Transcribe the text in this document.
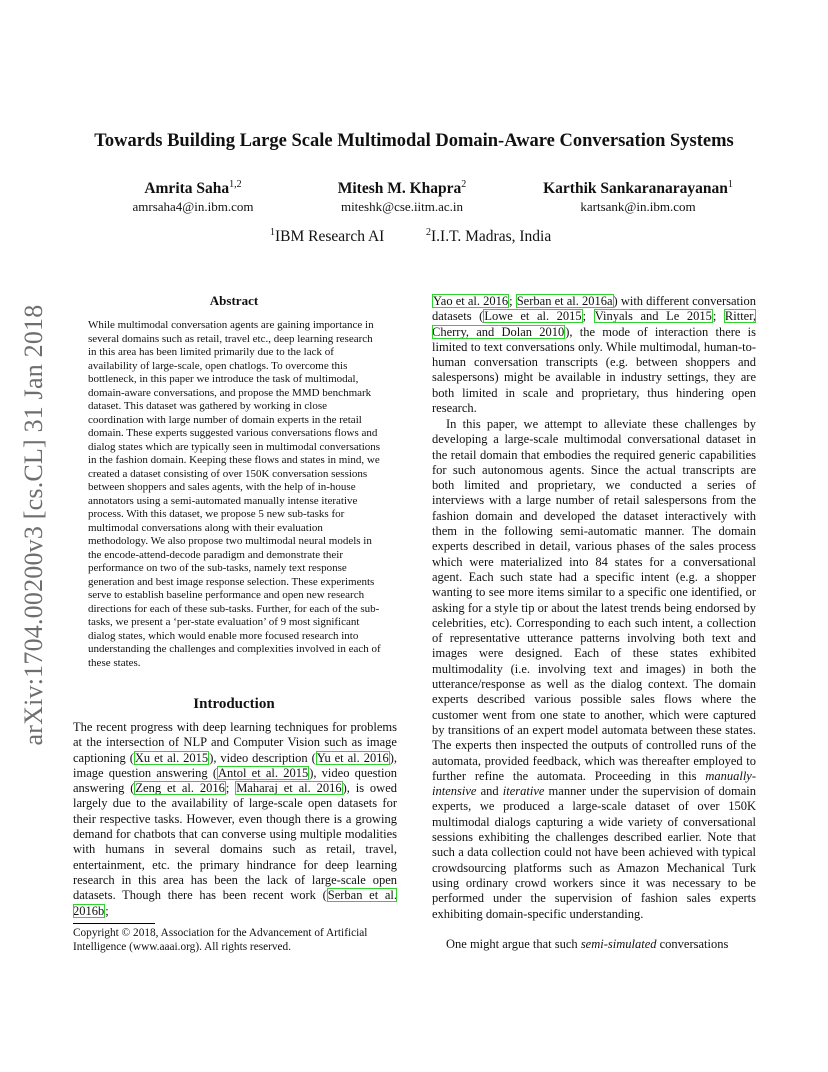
arXiv:1704.00200v3 [cs.CL] 31 Jan 2018
Towards Building Large Scale Multimodal Domain-Aware Conversation Systems
Amrita Saha$^{1,2}$
amrsaha4@in.ibm.com
Mitesh M. Khapra$^2$
miteshk@cse.iitm.ac.in
Karthik Sankaranarayanan$^1$
kartsank@in.ibm.com
$^1$IBM Research AI	$^2$I.I.T. Madras, India
Abstract

While multimodal conversation agents are gaining importance in several domains such as retail, travel etc., deep learning research in this area has been limited primarily due to the lack of availability of large-scale, open chatlogs. To overcome this bottleneck, in this paper we introduce the task of multimodal, domain-aware conversations, and propose the MMD benchmark dataset. This dataset was gathered by working in close coordination with large number of domain experts in the retail domain. These experts suggested various conversations flows and dialog states which are typically seen in multimodal conversations in the fashion domain. Keeping these flows and states in mind, we created a dataset consisting of over 150K conversation sessions between shoppers and sales agents, with the help of in-house annotators using a semi-automated manually intense iterative process. With this dataset, we propose 5 new sub-tasks for multimodal conversations along with their evaluation methodology. We also propose two multimodal neural models in the encode-attend-decode paradigm and demonstrate their performance on two of the sub-tasks, namely text response generation and best image response selection. These experiments serve to establish baseline performance and open new research directions for each of these sub-tasks. Further, for each of the sub-tasks, we present a ‘per-state evaluation’ of 9 most significant dialog states, which would enable more focused research into understanding the challenges and complexities involved in each of these states.

Introduction

The recent progress with deep learning techniques for problems at the intersection of NLP and Computer Vision such as image captioning (Xu et al. 2015), video description (Yu et al. 2016), image question answering (Antol et al. 2015), video question answering (Zeng et al. 2016; Maharaj et al. 2016), is owed largely due to the availability of large-scale open datasets for their respective tasks. However, even though there is a growing demand for chatbots that can converse using multiple modalities with humans in several domains such as retail, travel, entertainment, etc. the primary hindrance for deep learning research in this area has been the lack of large-scale open datasets. Though there has been recent work (Serban et al. 2016b;

Copyright © 2018, Association for the Advancement of Artificial Intelligence (www.aaai.org). All rights reserved.

Yao et al. 2016; Serban et al. 2016a) with different conversation datasets (Lowe et al. 2015; Vinyals and Le 2015; Ritter, Cherry, and Dolan 2010), the mode of interaction there is limited to text conversations only. While multimodal, human-to-human conversation transcripts (e.g. between shoppers and salespersons) might be available in industry settings, they are both limited in scale and proprietary, thus hindering open research.

In this paper, we attempt to alleviate these challenges by developing a large-scale multimodal conversational dataset in the retail domain that embodies the required generic capabilities for such autonomous agents. Since the actual transcripts are both limited and proprietary, we conducted a series of interviews with a large number of retail salespersons from the fashion domain and developed the dataset interactively with them in the following semi-automatic manner. The domain experts described in detail, various phases of the sales process which were materialized into 84 states for a conversational agent. Each such state had a specific intent (e.g. a shopper wanting to see more items similar to a specific one identified, or asking for a style tip or about the latest trends being endorsed by celebrities, etc). Corresponding to each such intent, a collection of representative utterance patterns involving both text and images were designed. Each of these states exhibited multimodality (i.e. involving text and images) in both the utterance/response as well as the dialog context. The domain experts described various possible sales flows where the customer went from one state to another, which were captured by transitions of an expert model automata between these states. The experts then inspected the outputs of controlled runs of the automata, provided feedback, which was thereafter employed to further refine the automata. Proceeding in this manually-intensive and iterative manner under the supervision of domain experts, we produced a large-scale dataset of over 150K multimodal dialogs capturing a wide variety of conversational sessions exhibiting the challenges described earlier. Note that such a data collection could not have been achieved with typical crowdsourcing platforms such as Amazon Mechanical Turk using ordinary crowd workers since it was necessary to be performed under the supervision of fashion sales experts exhibiting domain-specific understanding.

One might argue that such semi-simulated conversations
